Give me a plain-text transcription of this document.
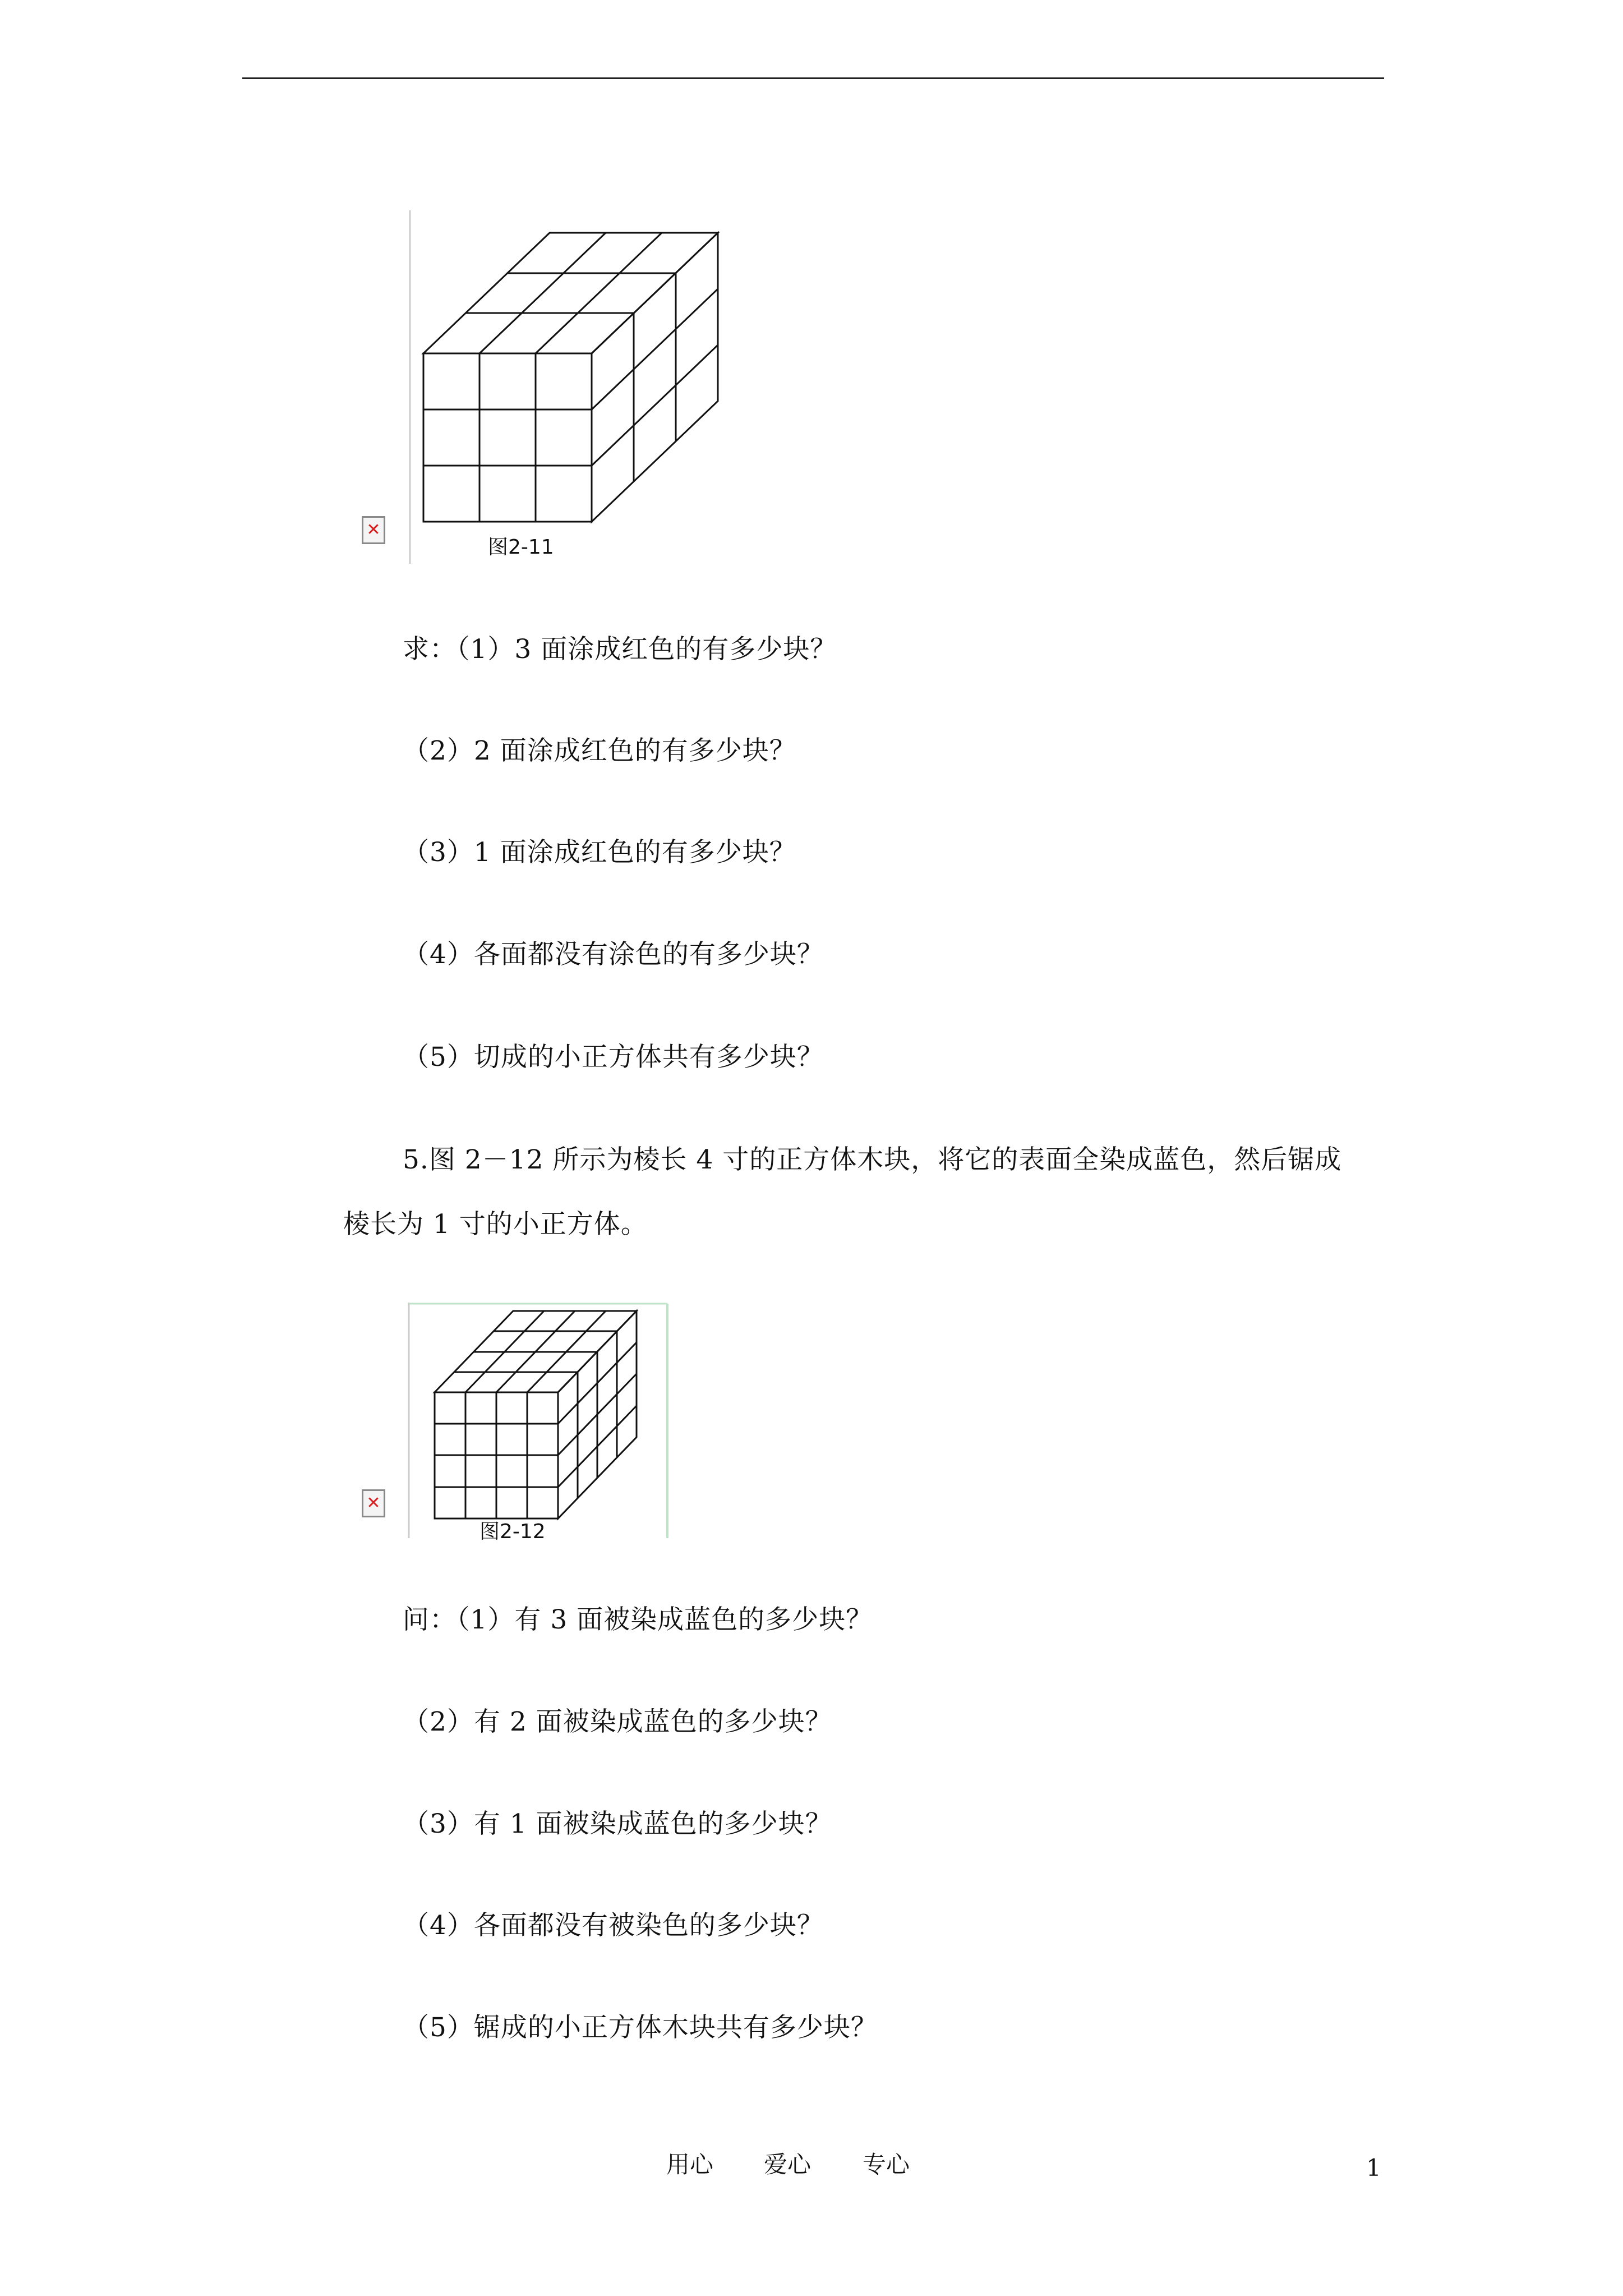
✕
图2-11
求：（1）3 面涂成红色的有多少块？
（2）2 面涂成红色的有多少块？
（3）1 面涂成红色的有多少块？
（4）各面都没有涂色的有多少块？
（5）切成的小正方体共有多少块？
5.图 2－12 所示为棱长 4 寸的正方体木块，将它的表面全染成蓝色，然后锯成
棱长为 1 寸的小正方体。
✕
图2-12
问：（1）有 3 面被染成蓝色的多少块？
（2）有 2 面被染成蓝色的多少块？
（3）有 1 面被染成蓝色的多少块？
（4）各面都没有被染色的多少块？
（5）锯成的小正方体木块共有多少块？
用心 爱心 专心	1
